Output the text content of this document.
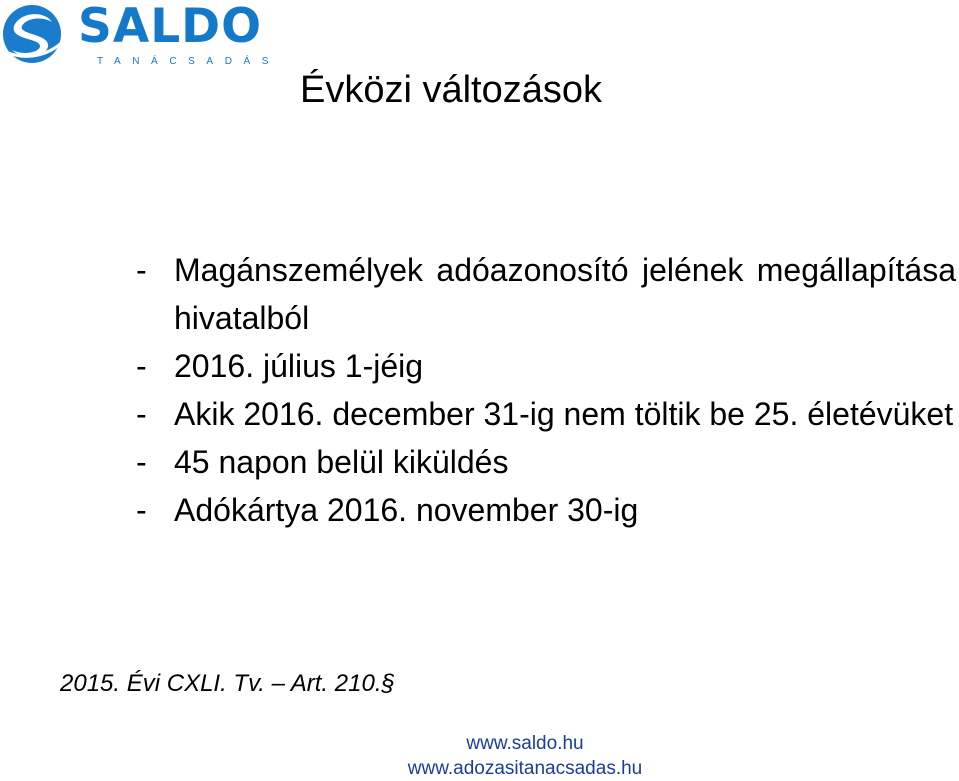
SALDO
TANÁCSADÁS
Évközi változások
- Magánszemélyek adóazonosító jelének megállapítása hivatalból
- 2016. július 1-jéig
- Akik 2016. december 31-ig nem töltik be 25. életévüket
- 45 napon belül kiküldés
- Adókártya 2016. november 30-ig
2015. Évi CXLI. Tv. – Art. 210.§
www.saldo.hu
www.adozasitanacsadas.hu
